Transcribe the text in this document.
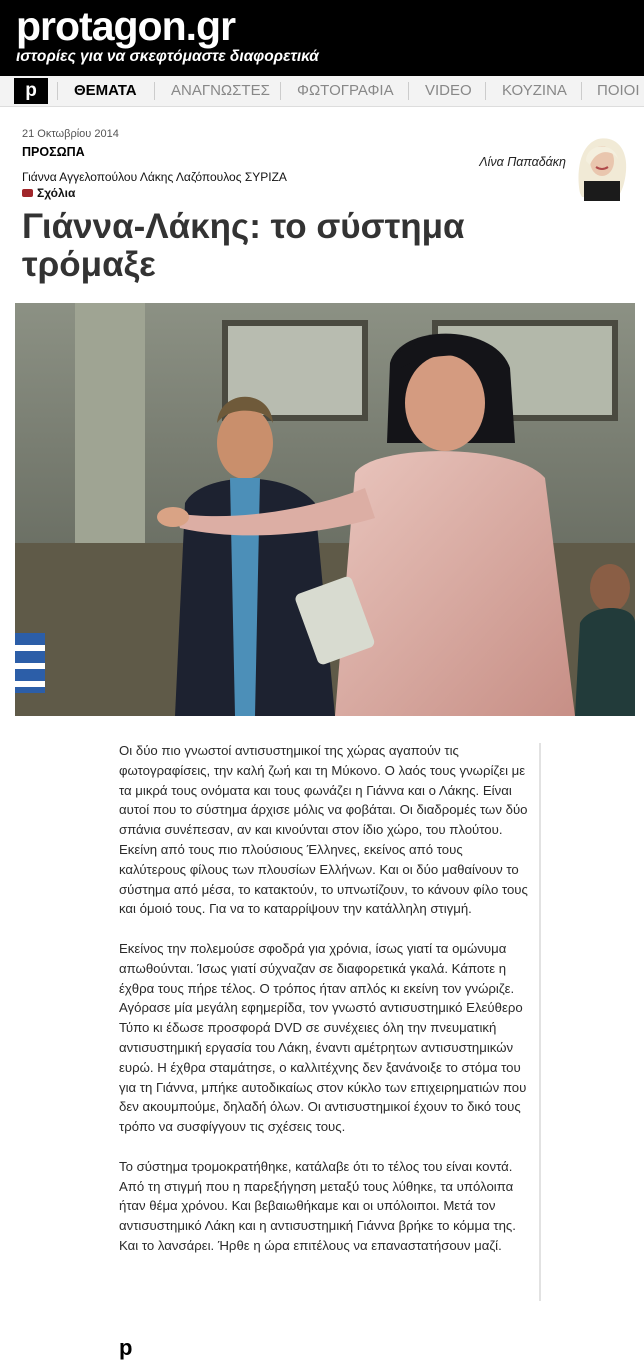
protagon.gr
ιστορίες για να σκεφτόμαστε διαφορετικά
p	ΘΕΜΑΤΑ ΑΝΑΓΝΩΣΤΕΣ ΦΩΤΟΓΡΑΦΙΑ VIDEO ΚΟΥΖΙΝΑ ΠΟΙΟΙ
21 Οκτωβρίου 2014
ΠΡΟΣΩΠΑ
Λίνα Παπαδάκη
Γιάννα Αγγελοπούλου Λάκης Λαζόπουλος ΣΥΡΙΖΑ
Σχόλια
Γιάννα-Λάκης: το σύστημα τρόμαξε

Οι δύο πιο γνωστοί αντισυστημικοί της χώρας αγαπούν τις φωτογραφίσεις, την καλή ζωή και τη Μύκονο. Ο λαός τους γνωρίζει με τα μικρά τους ονόματα και τους φωνάζει η Γιάννα και ο Λάκης. Είναι αυτοί που το σύστημα άρχισε μόλις να φοβάται. Οι διαδρομές των δύο σπάνια συνέπεσαν, αν και κινούνται στον ίδιο χώρο, του πλούτου. Εκείνη από τους πιο πλούσιους Έλληνες, εκείνος από τους καλύτερους φίλους των πλουσίων Ελλήνων. Και οι δύο μαθαίνουν το σύστημα από μέσα, το κατακτούν, το υπνωτίζουν, το κάνουν φίλο τους και όμοιό τους. Για να το καταρρίψουν την κατάλληλη στιγμή.

Εκείνος την πολεμούσε σφοδρά για χρόνια, ίσως γιατί τα ομώνυμα απωθούνται. Ίσως γιατί σύχναζαν σε διαφορετικά γκαλά. Κάποτε η έχθρα τους πήρε τέλος. Ο τρόπος ήταν απλός κι εκείνη τον γνώριζε. Αγόρασε μία μεγάλη εφημερίδα, τον γνωστό αντισυστημικό Ελεύθερο Τύπο κι έδωσε προσφορά DVD σε συνέχειες όλη την πνευματική αντισυστημική εργασία του Λάκη, έναντι αμέτρητων αντισυστημικών ευρώ. Η έχθρα σταμάτησε, ο καλλιτέχνης δεν ξανάνοιξε το στόμα του για τη Γιάννα, μπήκε αυτοδικαίως στον κύκλο των επιχειρηματιών που δεν ακουμπούμε, δηλαδή όλων. Οι αντισυστημικοί έχουν το δικό τους τρόπο να συσφίγγουν τις σχέσεις τους.

Το σύστημα τρομοκρατήθηκε, κατάλαβε ότι το τέλος του είναι κοντά. Από τη στιγμή που η παρεξήγηση μεταξύ τους λύθηκε, τα υπόλοιπα ήταν θέμα χρόνου. Και βεβαιωθήκαμε και οι υπόλοιποι. Μετά τον αντισυστημικό Λάκη και η αντισυστημική Γιάννα βρήκε το κόμμα της. Και το λανσάρει. Ήρθε η ώρα επιτέλους να επαναστατήσουν μαζί.

p
